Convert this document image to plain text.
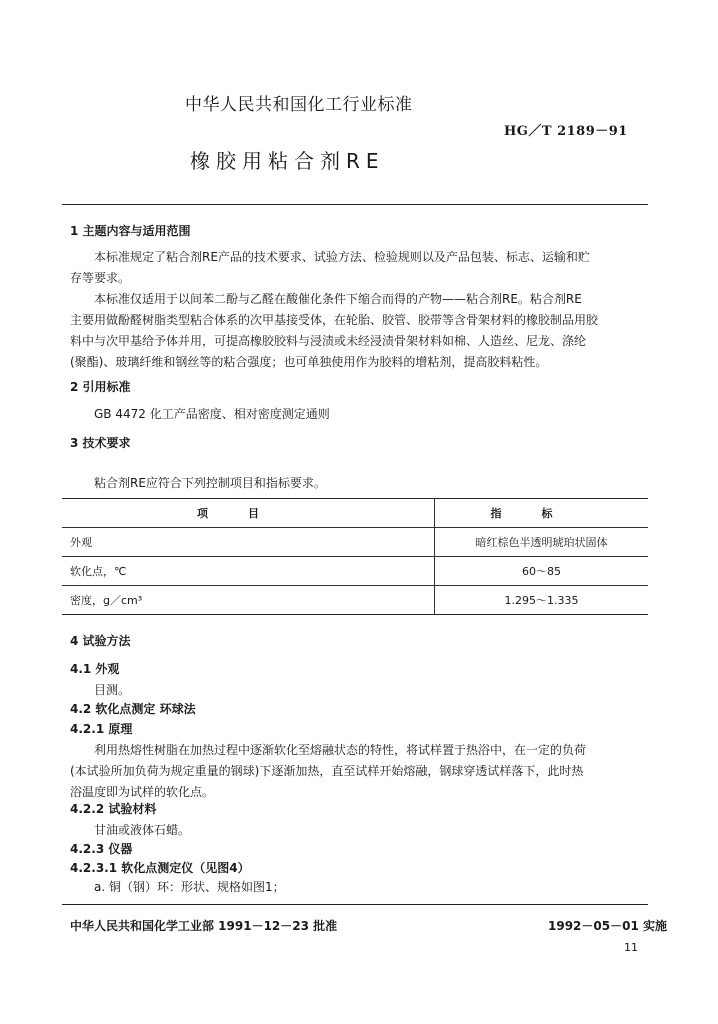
中华人民共和国化工行业标准
HG／T 2189－91
橡胶用粘合剂RE
1 主题内容与适用范围
本标准规定了粘合剂RE产品的技术要求、试验方法、检验规则以及产品包装、标志、运输和贮
存等要求。
本标准仅适用于以间苯二酚与乙醛在酸催化条件下缩合而得的产物——粘合剂RE。粘合剂RE
主要用做酚醛树脂类型粘合体系的次甲基接受体，在轮胎、胶管、胶带等含骨架材料的橡胶制品用胶
料中与次甲基给予体并用，可提高橡胶胶料与浸渍或未经浸渍骨架材料如棉、人造丝、尼龙、涤纶
(聚酯)、玻璃纤维和钢丝等的粘合强度；也可单独使用作为胶料的增粘剂，提高胶料粘性。
2 引用标准
GB 4472 化工产品密度、相对密度测定通则
3 技术要求
粘合剂RE应符合下列控制项目和指标要求。
项目	指标
外观	暗红棕色半透明琥珀状固体
软化点，℃	60～85
密度，g／cm³	1.295～1.335
4 试验方法
4.1 外观
目测。
4.2 软化点测定 环球法
4.2.1 原理
利用热熔性树脂在加热过程中逐渐软化至熔融状态的特性，将试样置于热浴中，在一定的负荷
(本试验所加负荷为规定重量的钢球)下逐渐加热，直至试样开始熔融，钢球穿透试样落下，此时热
浴温度即为试样的软化点。
4.2.2 试验材料
甘油或液体石蜡。
4.2.3 仪器
4.2.3.1 软化点测定仪（见图4）
a. 铜（钢）环：形状、规格如图1；
中华人民共和国化学工业部 1991－12－23 批准	1992－05－01 实施
11
